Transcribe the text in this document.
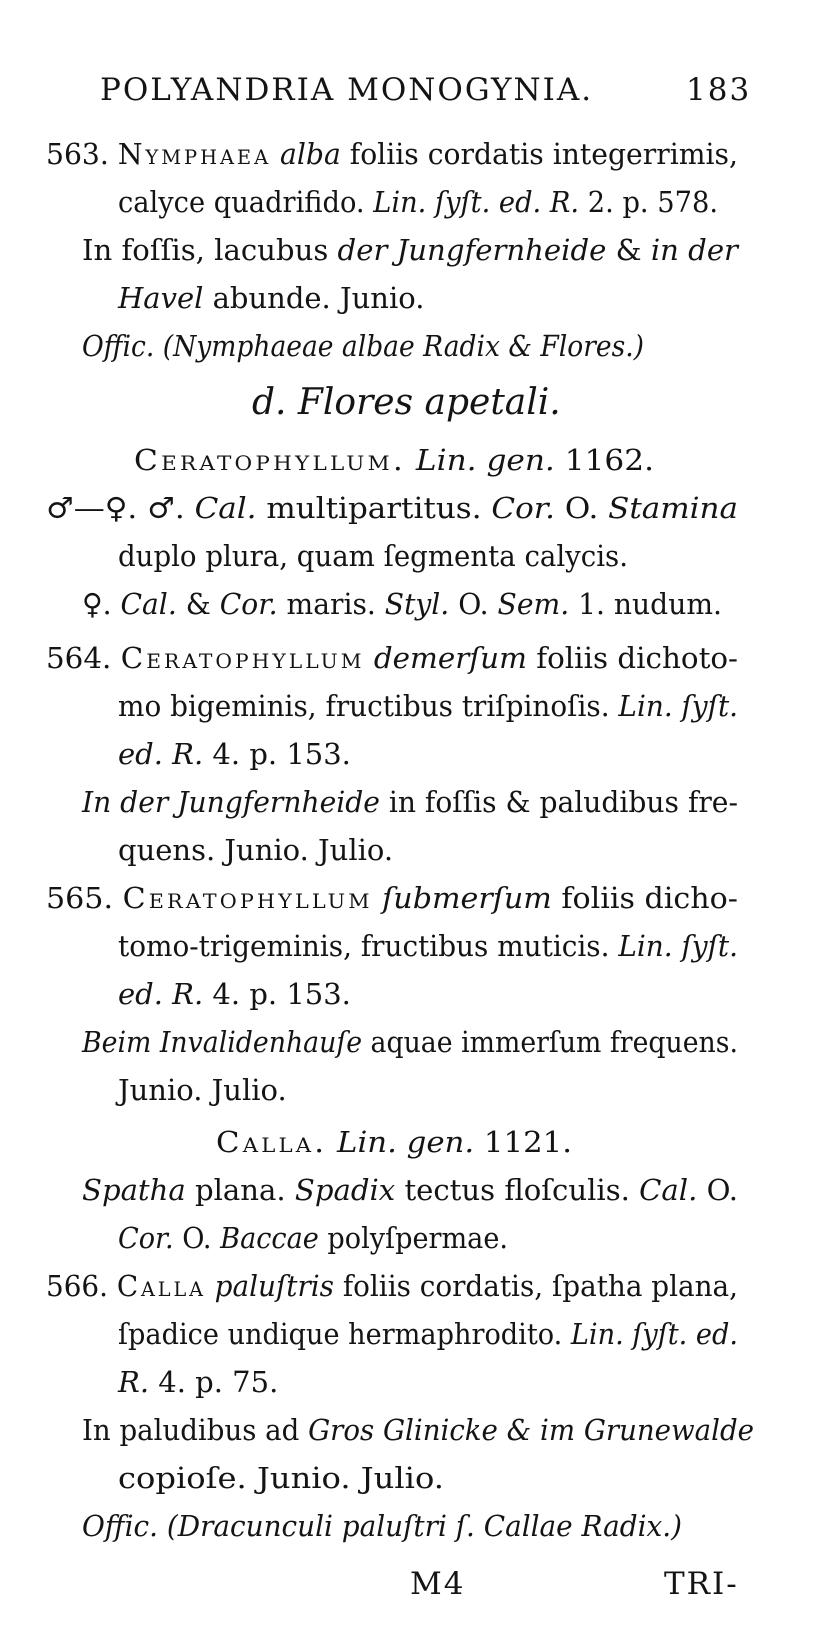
POLYANDRIA MONOGYNIA.	183
563. Nymphaea alba foliis cordatis integerrimis,
calyce quadrifido. Lin. ſyſt. ed. R. 2. p. 578.
In foſſis, lacubus der Jungfernheide & in der
Havel abunde. Junio.
Offic. (Nymphaeae albae Radix & Flores.)
d. Flores apetali.
Ceratophyllum. Lin. gen. 1162.
♂—♀. ♂. Cal. multipartitus. Cor. O. Stamina
duplo plura, quam ſegmenta calycis.
♀. Cal. & Cor. maris. Styl. O. Sem. 1. nudum.
564. Ceratophyllum demerſum foliis dichoto-
mo bigeminis, fructibus triſpinoſis. Lin. ſyſt.
ed. R. 4. p. 153.
In der Jungfernheide in foſſis & paludibus fre-
quens. Junio. Julio.
565. Ceratophyllum ſubmerſum foliis dicho-
tomo-trigeminis, fructibus muticis. Lin. ſyſt.
ed. R. 4. p. 153.
Beim Invalidenhauſe aquae immerſum frequens.
Junio. Julio.
Calla. Lin. gen. 1121.
Spatha plana. Spadix tectus floſculis. Cal. O.
Cor. O. Baccae polyſpermae.
566. Calla paluſtris foliis cordatis, ſpatha plana,
ſpadice undique hermaphrodito. Lin. ſyſt. ed.
R. 4. p. 75.
In paludibus ad Gros Glinicke & im Grunewalde
copioſe. Junio. Julio.
Offic. (Dracunculi paluſtri ſ. Callae Radix.)
M4	TRI-
